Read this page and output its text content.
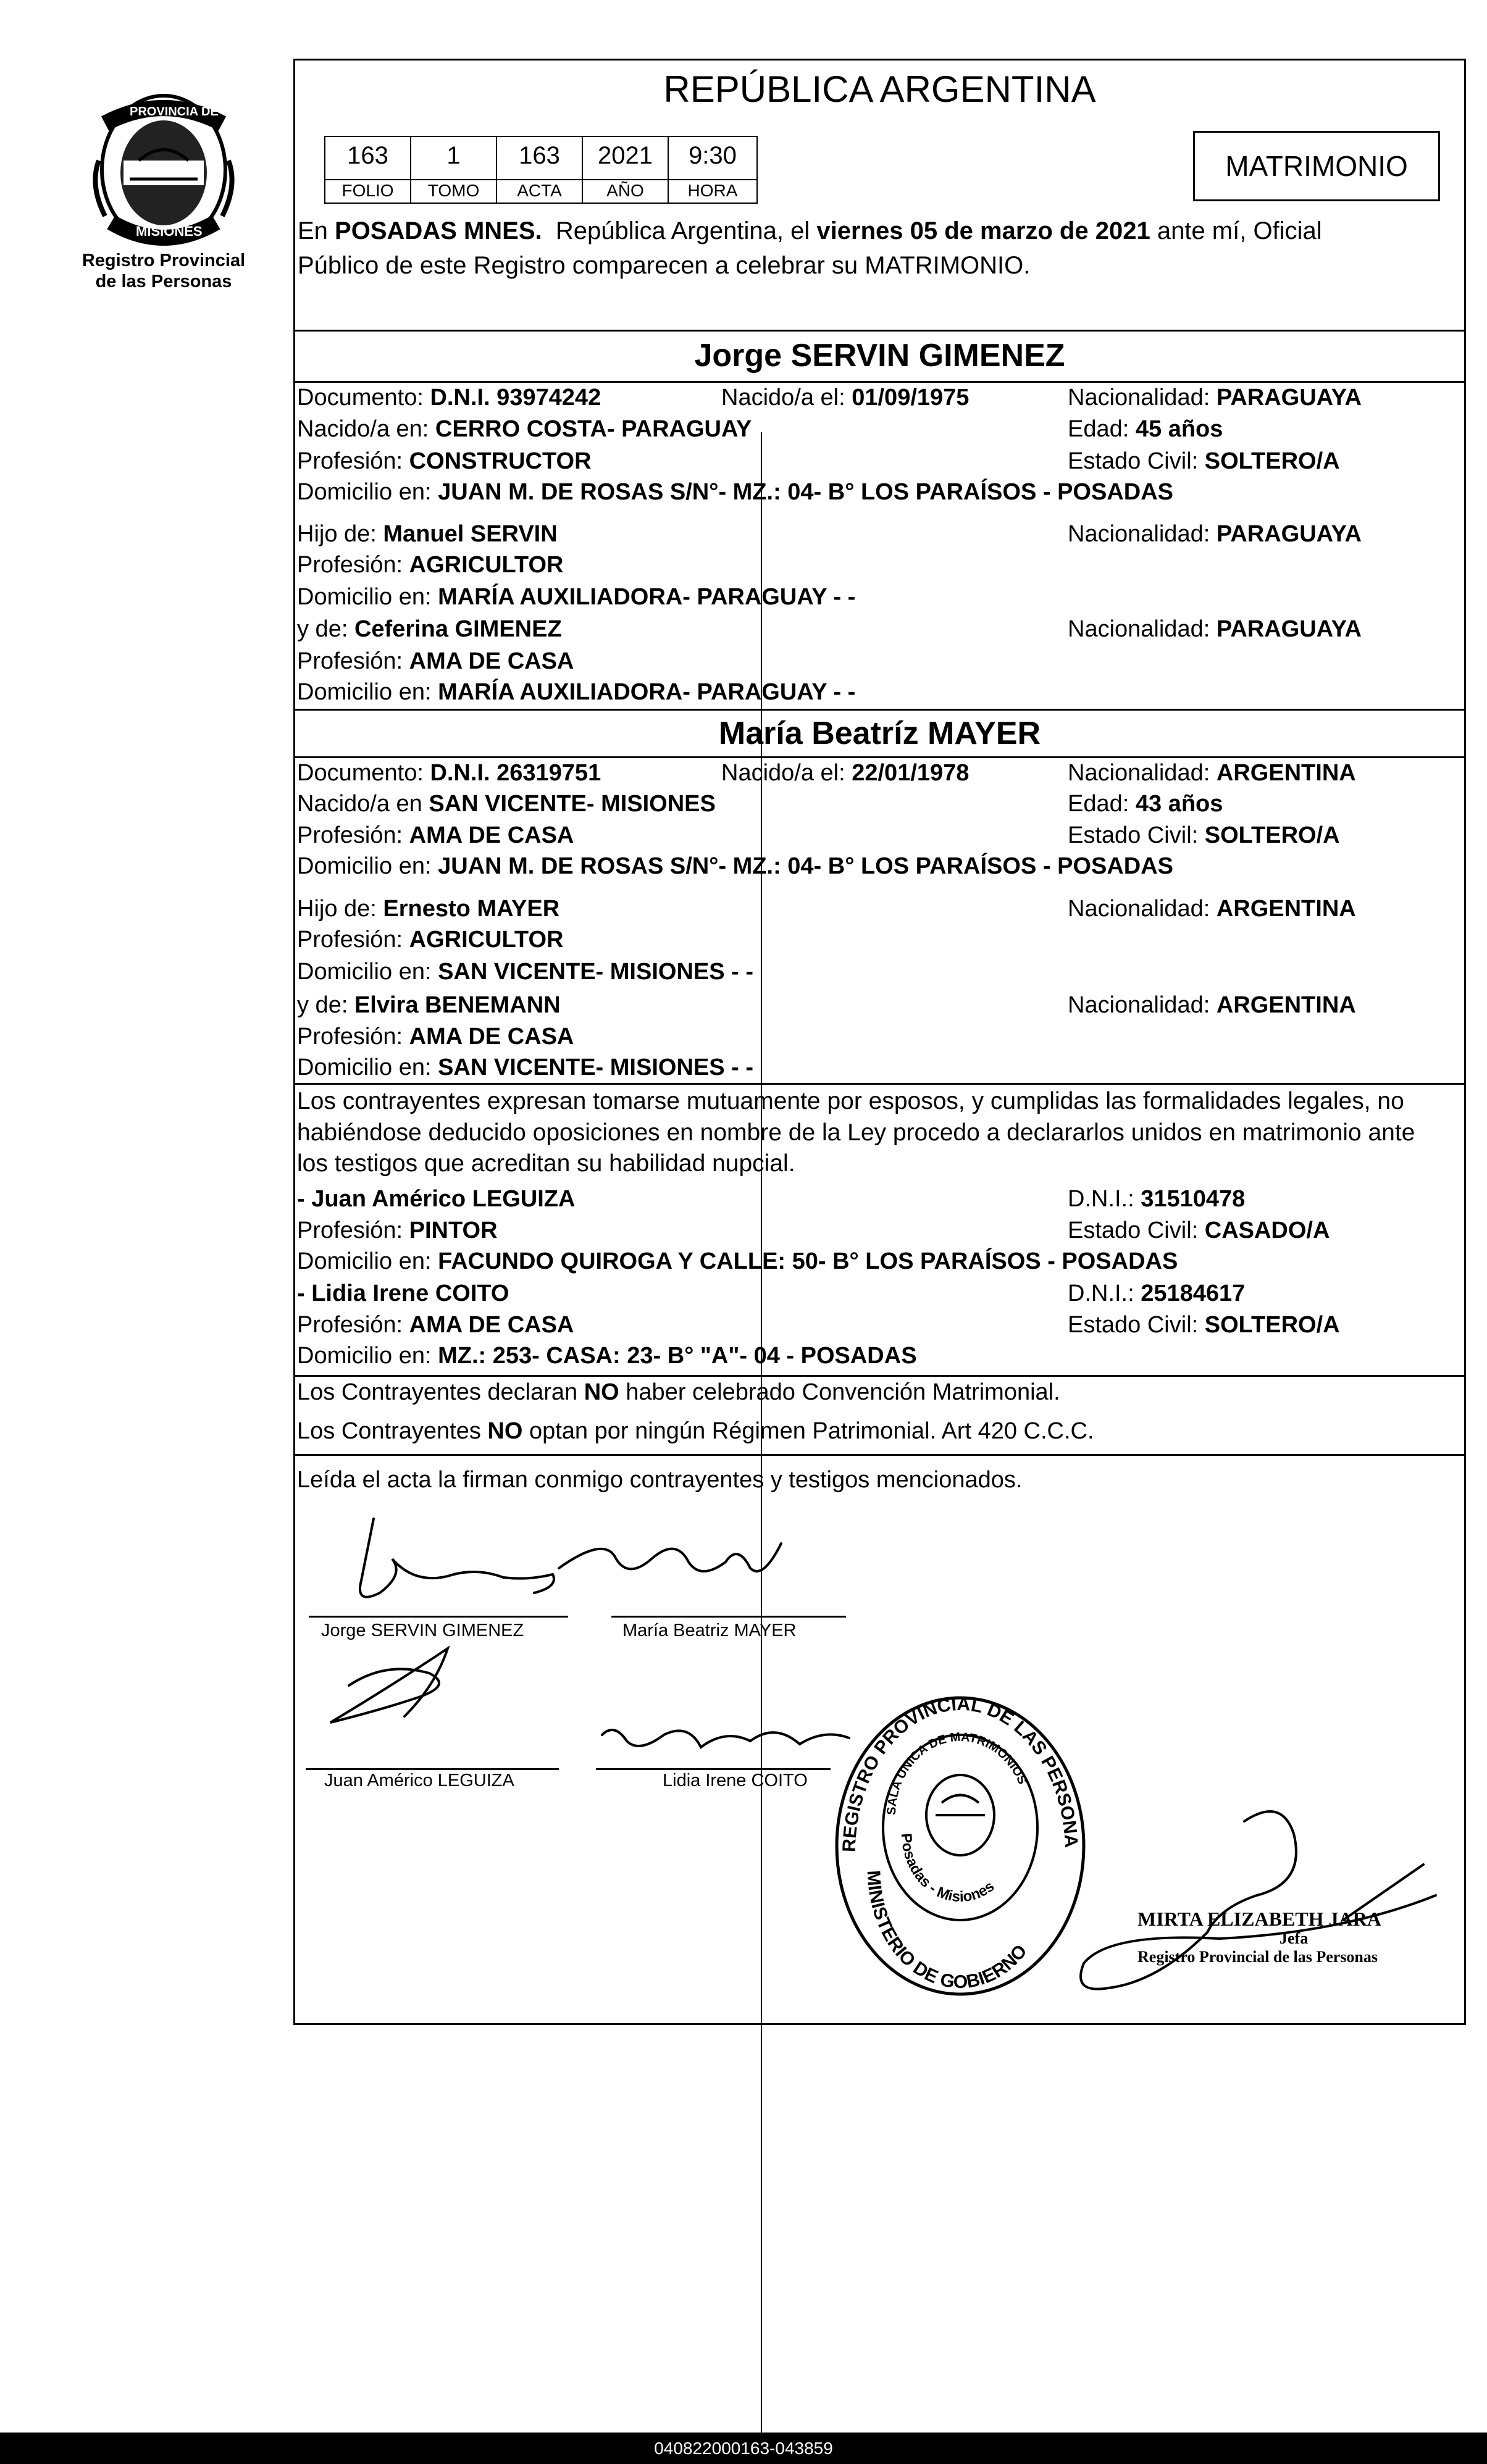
PROVINCIA DE
MISIONES
Registro Provincial
de las Personas
REPÚBLICA ARGENTINA
163	1	163	2021	9:30
FOLIO	TOMO	ACTA	AÑO	HORA
MATRIMONIO
En POSADAS MNES.  República Argentina, el viernes 05 de marzo de 2021 ante mí, Oficial
Público de este Registro comparecen a celebrar su MATRIMONIO.
Jorge SERVIN GIMENEZ
Documento: D.N.I. 93974242	Nacido/a el: 01/09/1975	Nacionalidad: PARAGUAYA
Nacido/a en: CERRO COSTA- PARAGUAY	Edad: 45 años
Profesión: CONSTRUCTOR	Estado Civil: SOLTERO/A
Domicilio en: JUAN M. DE ROSAS S/N°- MZ.: 04- B° LOS PARAÍSOS - POSADAS
Hijo de: Manuel SERVIN	Nacionalidad: PARAGUAYA
Profesión: AGRICULTOR
Domicilio en: MARÍA AUXILIADORA- PARAGUAY - -
y de: Ceferina GIMENEZ	Nacionalidad: PARAGUAYA
Profesión: AMA DE CASA
Domicilio en: MARÍA AUXILIADORA- PARAGUAY - -
María Beatríz MAYER
Documento: D.N.I. 26319751	Nacido/a el: 22/01/1978	Nacionalidad: ARGENTINA
Nacido/a en SAN VICENTE- MISIONES	Edad: 43 años
Profesión: AMA DE CASA	Estado Civil: SOLTERO/A
Domicilio en: JUAN M. DE ROSAS S/N°- MZ.: 04- B° LOS PARAÍSOS - POSADAS
Hijo de: Ernesto MAYER	Nacionalidad: ARGENTINA
Profesión: AGRICULTOR
Domicilio en: SAN VICENTE- MISIONES - -
y de: Elvira BENEMANN	Nacionalidad: ARGENTINA
Profesión: AMA DE CASA
Domicilio en: SAN VICENTE- MISIONES - -
Los contrayentes expresan tomarse mutuamente por esposos, y cumplidas las formalidades legales, no
habiéndose deducido oposiciones en nombre de la Ley procedo a declararlos unidos en matrimonio ante
los testigos que acreditan su habilidad nupcial.
- Juan Américo LEGUIZA	D.N.I.: 31510478
Profesión: PINTOR	Estado Civil: CASADO/A
Domicilio en: FACUNDO QUIROGA Y CALLE: 50- B° LOS PARAÍSOS - POSADAS
- Lidia Irene COITO	D.N.I.: 25184617
Profesión: AMA DE CASA	Estado Civil: SOLTERO/A
Domicilio en: MZ.: 253- CASA: 23- B° "A"- 04 - POSADAS
Los Contrayentes declaran NO haber celebrado Convención Matrimonial.
Los Contrayentes NO optan por ningún Régimen Patrimonial. Art 420 C.C.C.
Leída el acta la firman conmigo contrayentes y testigos mencionados.
Jorge SERVIN GIMENEZ	María Beatriz MAYER
Juan Américo LEGUIZA	Lidia Irene COITO
REGISTRO PROVINCIAL DE LAS PERSONA
MINISTERIO DE GOBIERNO
SALA UNICA DE MATRIMONIOS
Posadas - Misiones
MIRTA ELIZABETH JARA
Jefa
Registro Provincial de las Personas
040822000163-043859
